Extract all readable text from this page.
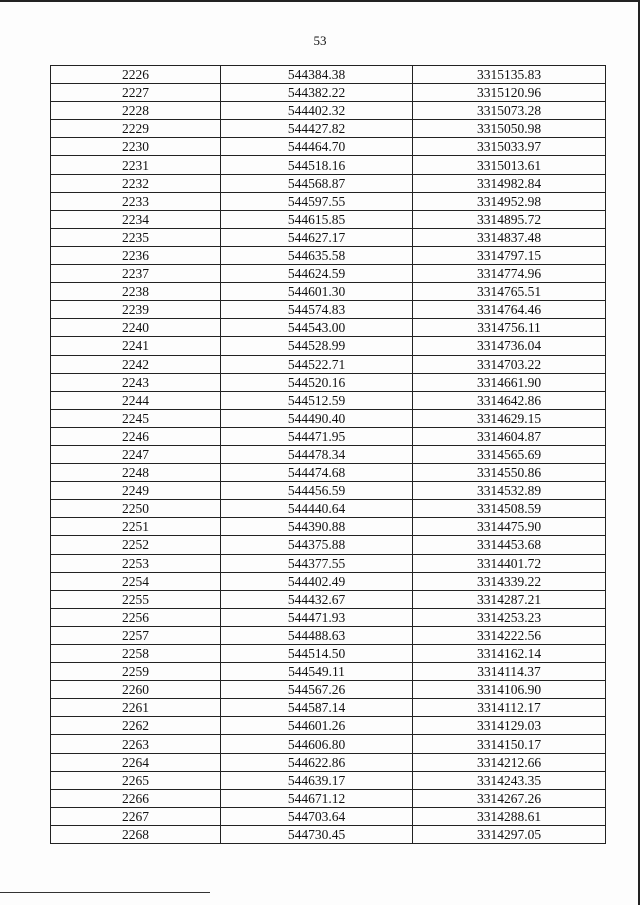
53
2226	544384.38	3315135.83
2227	544382.22	3315120.96
2228	544402.32	3315073.28
2229	544427.82	3315050.98
2230	544464.70	3315033.97
2231	544518.16	3315013.61
2232	544568.87	3314982.84
2233	544597.55	3314952.98
2234	544615.85	3314895.72
2235	544627.17	3314837.48
2236	544635.58	3314797.15
2237	544624.59	3314774.96
2238	544601.30	3314765.51
2239	544574.83	3314764.46
2240	544543.00	3314756.11
2241	544528.99	3314736.04
2242	544522.71	3314703.22
2243	544520.16	3314661.90
2244	544512.59	3314642.86
2245	544490.40	3314629.15
2246	544471.95	3314604.87
2247	544478.34	3314565.69
2248	544474.68	3314550.86
2249	544456.59	3314532.89
2250	544440.64	3314508.59
2251	544390.88	3314475.90
2252	544375.88	3314453.68
2253	544377.55	3314401.72
2254	544402.49	3314339.22
2255	544432.67	3314287.21
2256	544471.93	3314253.23
2257	544488.63	3314222.56
2258	544514.50	3314162.14
2259	544549.11	3314114.37
2260	544567.26	3314106.90
2261	544587.14	3314112.17
2262	544601.26	3314129.03
2263	544606.80	3314150.17
2264	544622.86	3314212.66
2265	544639.17	3314243.35
2266	544671.12	3314267.26
2267	544703.64	3314288.61
2268	544730.45	3314297.05
